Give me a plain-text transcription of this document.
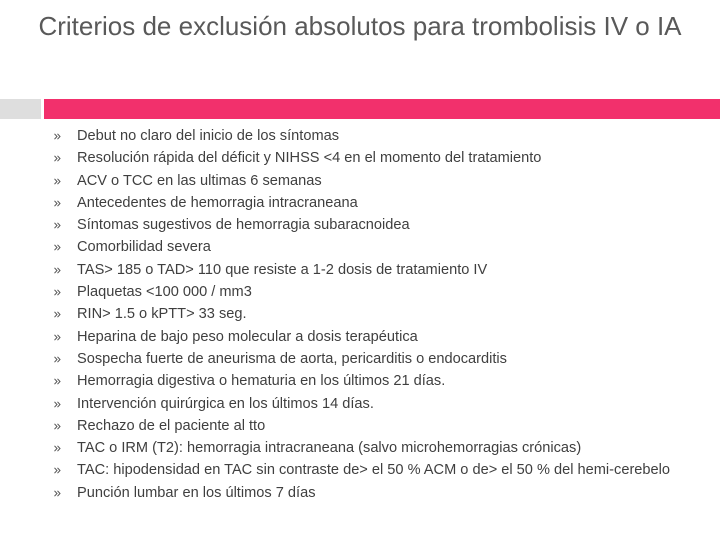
Criterios de exclusión absolutos para trombolisis IV o IA
Debut no claro del inicio de los síntomas
Resolución rápida del déficit y NIHSS <4 en el momento del tratamiento
ACV o TCC en las ultimas 6 semanas
Antecedentes de hemorragia intracraneana
Síntomas sugestivos de hemorragia subaracnoidea
Comorbilidad severa
TAS> 185 o TAD> 110 que resiste a 1-2 dosis de tratamiento IV
Plaquetas <100 000 / mm3
RIN> 1.5 o kPTT> 33 seg.
Heparina de bajo peso molecular a dosis terapéutica
Sospecha fuerte de aneurisma de aorta, pericarditis o endocarditis
Hemorragia digestiva o hematuria en los últimos 21 días.
Intervención quirúrgica en los últimos 14 días.
Rechazo de el paciente al tto
TAC o IRM (T2): hemorragia intracraneana (salvo microhemorragias crónicas)
TAC: hipodensidad en TAC sin contraste de> el 50 % ACM o de> el 50 % del hemi-cerebelo
Punción lumbar en los últimos 7 días
